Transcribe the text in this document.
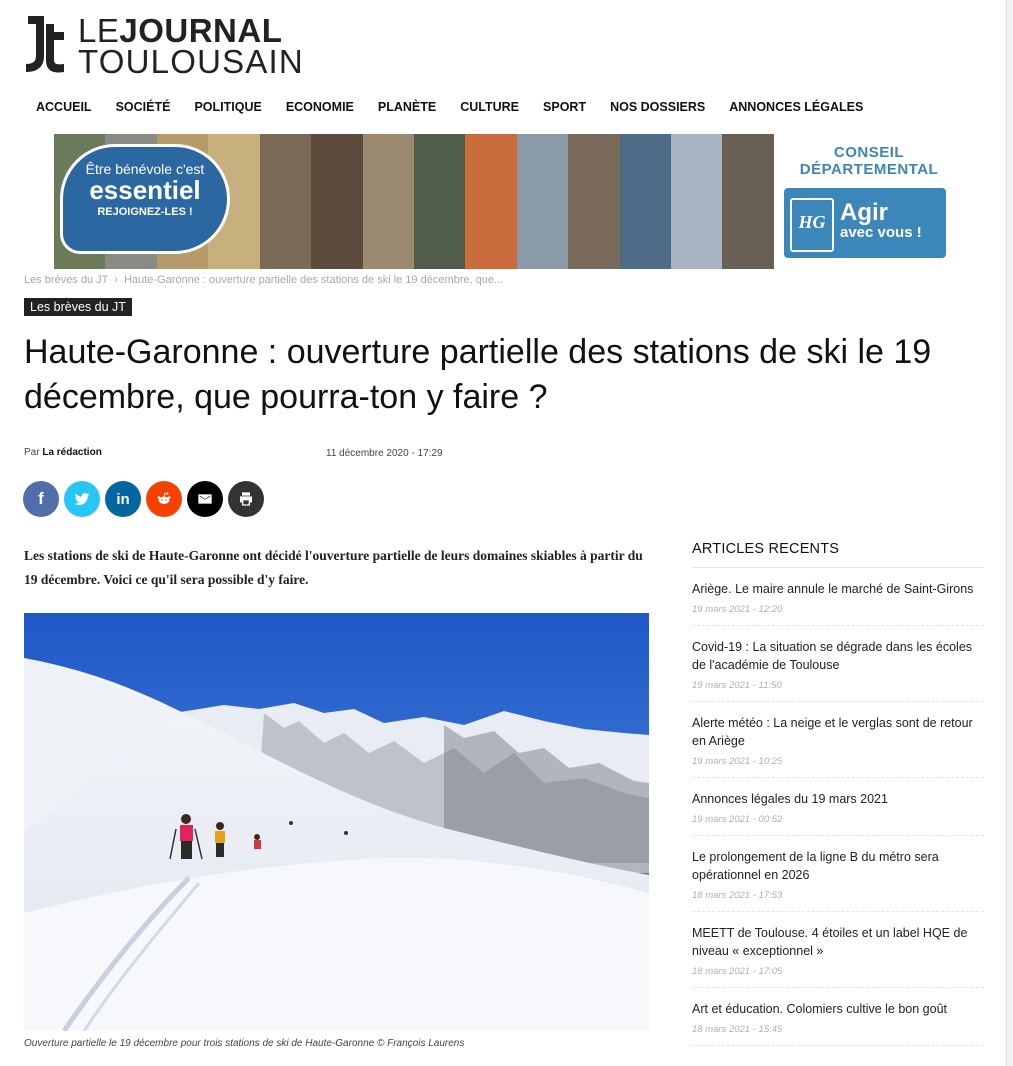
LEJOURNAL
TOULOUSAIN
ACCUEIL	SOCIÉTÉ	POLITIQUE	ECONOMIE	PLANÈTE	CULTURE	SPORT	NOS DOSSIERS	ANNONCES LÉGALES
Être bénévole c'est
essentiel
REJOIGNEZ-LES !
CONSEIL
DÉPARTEMENTAL
HG Agir
avec vous !
Les brèves du JT › Haute-Garonne : ouverture partielle des stations de ski le 19 décembre, que...
Les brèves du JT
Haute-Garonne : ouverture partielle des stations de ski le 19 décembre, que pourra-ton y faire ?
Par La rédaction	11 décembre 2020 - 17:29
f	in
Les stations de ski de Haute-Garonne ont décidé l'ouverture partielle de leurs domaines skiables à partir du 19 décembre. Voici ce qu'il sera possible d'y faire.
Ouverture partielle le 19 décembre pour trois stations de ski de Haute-Garonne © François Laurens
ARTICLES RECENTS
Ariège. Le maire annule le marché de Saint-Girons
19 mars 2021 - 12:20
Covid-19 : La situation se dégrade dans les écoles de l'académie de Toulouse
19 mars 2021 - 11:50
Alerte météo : La neige et le verglas sont de retour en Ariège
19 mars 2021 - 10:25
Annonces légales du 19 mars 2021
19 mars 2021 - 00:52
Le prolongement de la ligne B du métro sera opérationnel en 2026
18 mars 2021 - 17:53
MEETT de Toulouse. 4 étoiles et un label HQE de niveau « exceptionnel »
18 mars 2021 - 17:05
Art et éducation. Colomiers cultive le bon goût
18 mars 2021 - 15:45
